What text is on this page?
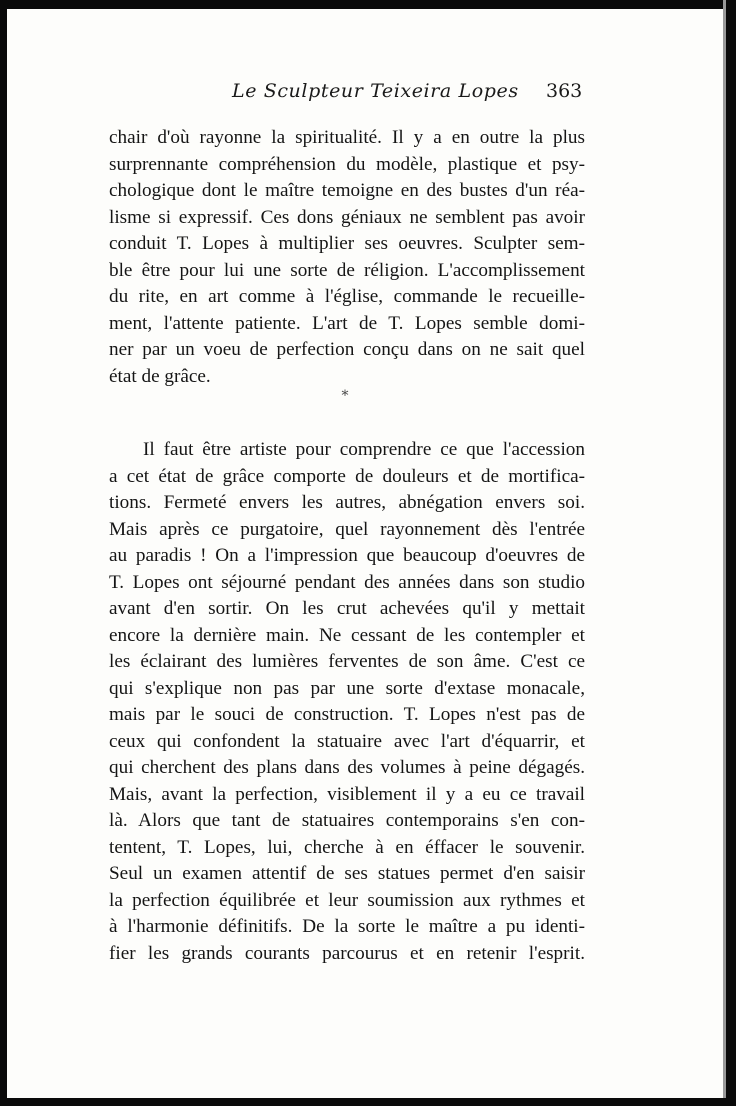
Le Sculpteur Teixeira Lopes 363
chair d'où rayonne la spiritualité. Il y a en outre la plus
surprennante compréhension du modèle, plastique et psy-
chologique dont le maître temoigne en des bustes d'un réa-
lisme si expressif. Ces dons géniaux ne semblent pas avoir
conduit T. Lopes à multiplier ses oeuvres. Sculpter sem-
ble être pour lui une sorte de réligion. L'accomplissement
du rite, en art comme à l'église, commande le recueille-
ment, l'attente patiente. L'art de T. Lopes semble domi-
ner par un voeu de perfection conçu dans on ne sait quel
état de grâce.
*
Il faut être artiste pour comprendre ce que l'accession
a cet état de grâce comporte de douleurs et de mortifica-
tions. Fermeté envers les autres, abnégation envers soi.
Mais après ce purgatoire, quel rayonnement dès l'entrée
au paradis ! On a l'impression que beaucoup d'oeuvres de
T. Lopes ont séjourné pendant des années dans son studio
avant d'en sortir. On les crut achevées qu'il y mettait
encore la dernière main. Ne cessant de les contempler et
les éclairant des lumières ferventes de son âme. C'est ce
qui s'explique non pas par une sorte d'extase monacale,
mais par le souci de construction. T. Lopes n'est pas de
ceux qui confondent la statuaire avec l'art d'équarrir, et
qui cherchent des plans dans des volumes à peine dégagés.
Mais, avant la perfection, visiblement il y a eu ce travail
là. Alors que tant de statuaires contemporains s'en con-
tentent, T. Lopes, lui, cherche à en éffacer le souvenir.
Seul un examen attentif de ses statues permet d'en saisir
la perfection équilibrée et leur soumission aux rythmes et
à l'harmonie définitifs. De la sorte le maître a pu identi-
fier les grands courants parcourus et en retenir l'esprit.
